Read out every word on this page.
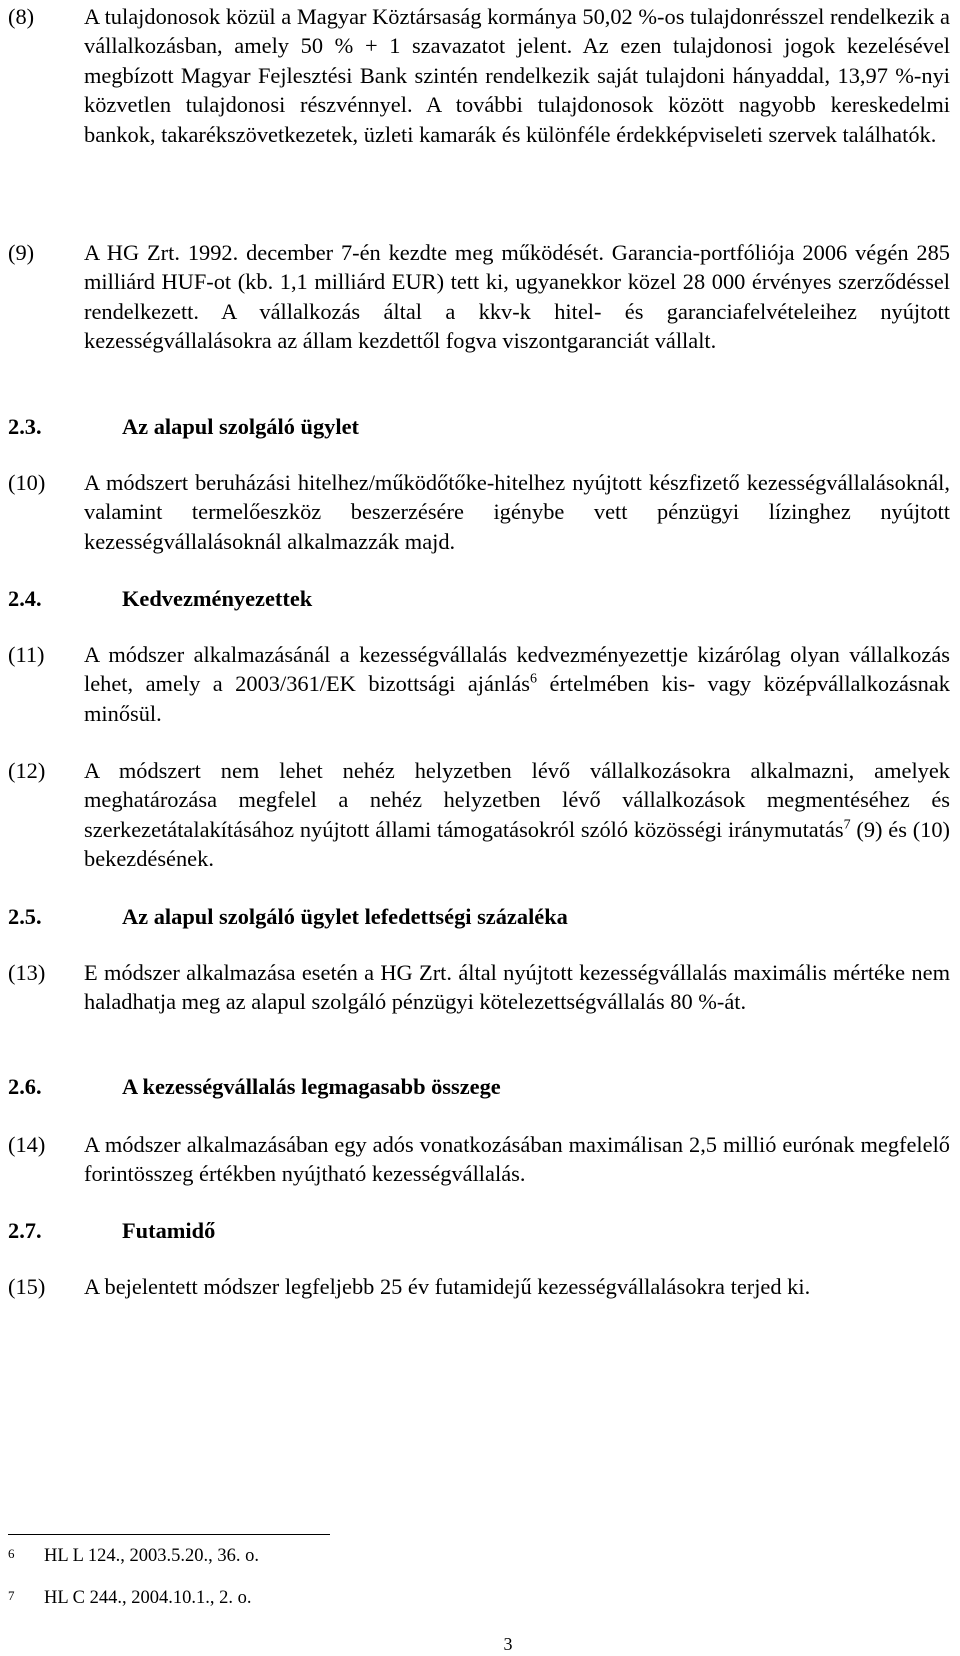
(8)	A tulajdonosok közül a Magyar Köztársaság kormánya 50,02 %-os tulajdonrésszel rendelkezik a vállalkozásban, amely 50 % + 1 szavazatot jelent. Az ezen tulajdonosi jogok kezelésével megbízott Magyar Fejlesztési Bank szintén rendelkezik saját tulajdoni hányaddal, 13,97 %-nyi közvetlen tulajdonosi részvénnyel. A további tulajdonosok között nagyobb kereskedelmi bankok, takarékszövetkezetek, üzleti kamarák és különféle érdekképviseleti szervek találhatók.
(9)	A HG Zrt. 1992. december 7-én kezdte meg működését. Garancia-portfóliója 2006 végén 285 milliárd HUF-ot (kb. 1,1 milliárd EUR) tett ki, ugyanekkor közel 28 000 érvényes szerződéssel rendelkezett. A vállalkozás által a kkv-k hitel- és garanciafelvételeihez nyújtott kezességvállalásokra az állam kezdettől fogva viszontgaranciát vállalt.
2.3.	Az alapul szolgáló ügylet
(10)	A módszert beruházási hitelhez/működőtőke-hitelhez nyújtott készfizető kezességvállalásoknál, valamint termelőeszköz beszerzésére igénybe vett pénzügyi lízinghez nyújtott kezességvállalásoknál alkalmazzák majd.
2.4.	Kedvezményezettek
(11)	A módszer alkalmazásánál a kezességvállalás kedvezményezettje kizárólag olyan vállalkozás lehet, amely a 2003/361/EK bizottsági ajánlás$^6$ értelmében kis- vagy középvállalkozásnak minősül.
(12)	A módszert nem lehet nehéz helyzetben lévő vállalkozásokra alkalmazni, amelyek meghatározása megfelel a nehéz helyzetben lévő vállalkozások megmentéséhez és szerkezetátalakításához nyújtott állami támogatásokról szóló közösségi iránymutatás$^7$ (9) és (10) bekezdésének.
2.5.	Az alapul szolgáló ügylet lefedettségi százaléka
(13)	E módszer alkalmazása esetén a HG Zrt. által nyújtott kezességvállalás maximális mértéke nem haladhatja meg az alapul szolgáló pénzügyi kötelezettségvállalás 80 %-át.
2.6.	A kezességvállalás legmagasabb összege
(14)	A módszer alkalmazásában egy adós vonatkozásában maximálisan 2,5 millió eurónak megfelelő forintösszeg értékben nyújtható kezességvállalás.
2.7.	Futamidő
(15)	A bejelentett módszer legfeljebb 25 év futamidejű kezességvállalásokra terjed ki.
6 HL L 124., 2003.5.20., 36. o.
7 HL C 244., 2004.10.1., 2. o.
3
